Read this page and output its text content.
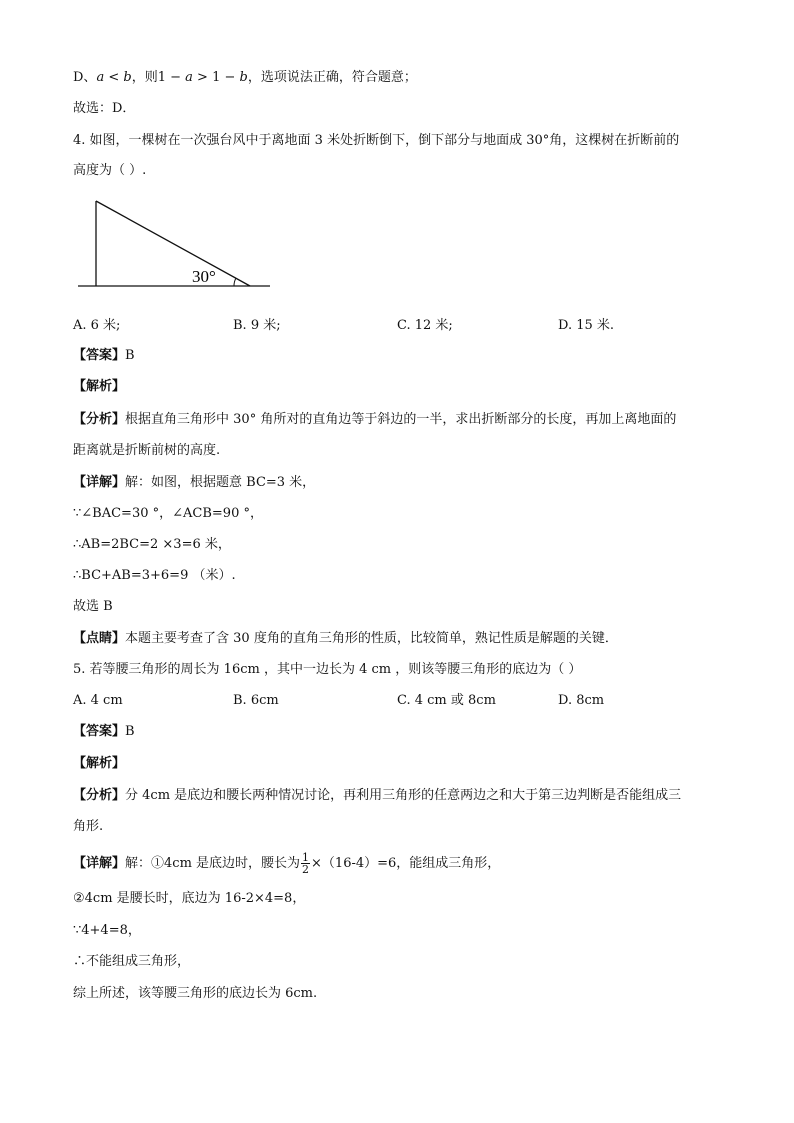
D、a < b，则1 − a > 1 − b，选项说法正确，符合题意；
故选：D．
4. 如图，一棵树在一次强台风中于离地面 3 米处折断倒下，倒下部分与地面成 30°角，这棵树在折断前的
高度为（ ）.
30°
A. 6 米;	B. 9 米;	C. 12 米;	D. 15 米.
【答案】B
【解析】
【分析】根据直角三角形中 30° 角所对的直角边等于斜边的一半，求出折断部分的长度，再加上离地面的
距离就是折断前树的高度.
【详解】解：如图，根据题意 BC=3 米，
∵∠BAC=30 °，∠ACB=90 °，
∴AB=2BC=2 ×3=6 米，
∴BC+AB=3+6=9 （米）.
故选 B
【点睛】本题主要考查了含 30 度角的直角三角形的性质，比较简单，熟记性质是解题的关键．
5. 若等腰三角形的周长为 16cm ，其中一边长为 4 cm ，则该等腰三角形的底边为（ ）
A. 4 cm	B. 6cm	C. 4 cm 或 8cm	D. 8cm
【答案】B
【解析】
【分析】分 4cm 是底边和腰长两种情况讨论，再利用三角形的任意两边之和大于第三边判断是否能组成三
角形.
【详解】解：①4cm 是底边时，腰长为 $\frac{1}{2} \times(16-4)=6$，能组成三角形，
②4cm 是腰长时，底边为 16-2×4=8，
∵4+4=8，
∴不能组成三角形，
综上所述，该等腰三角形的底边长为 6cm.
